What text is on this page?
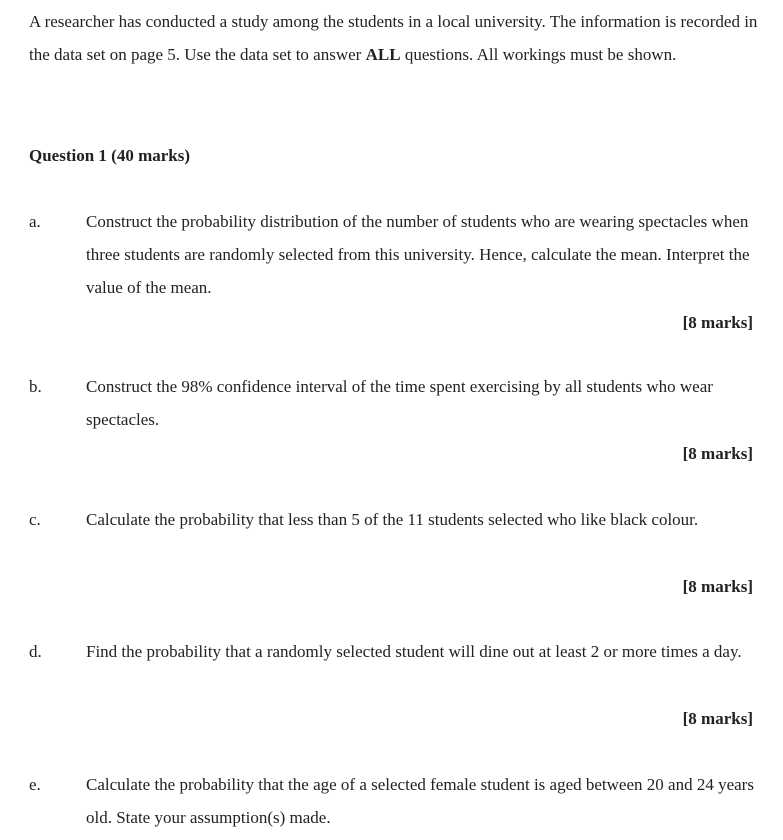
A researcher has conducted a study among the students in a local university. The information is recorded in the data set on page 5. Use the data set to answer ALL questions. All workings must be shown.
Question 1 (40 marks)
a.	Construct the probability distribution of the number of students who are wearing spectacles when three students are randomly selected from this university. Hence, calculate the mean. Interpret the value of the mean.
[8 marks]
b.	Construct the 98% confidence interval of the time spent exercising by all students who wear spectacles.
[8 marks]
c.	Calculate the probability that less than 5 of the 11 students selected who like black colour.
[8 marks]
d.	Find the probability that a randomly selected student will dine out at least 2 or more times a day.
[8 marks]
e.	Calculate the probability that the age of a selected female student is aged between 20 and 24 years old. State your assumption(s) made.
